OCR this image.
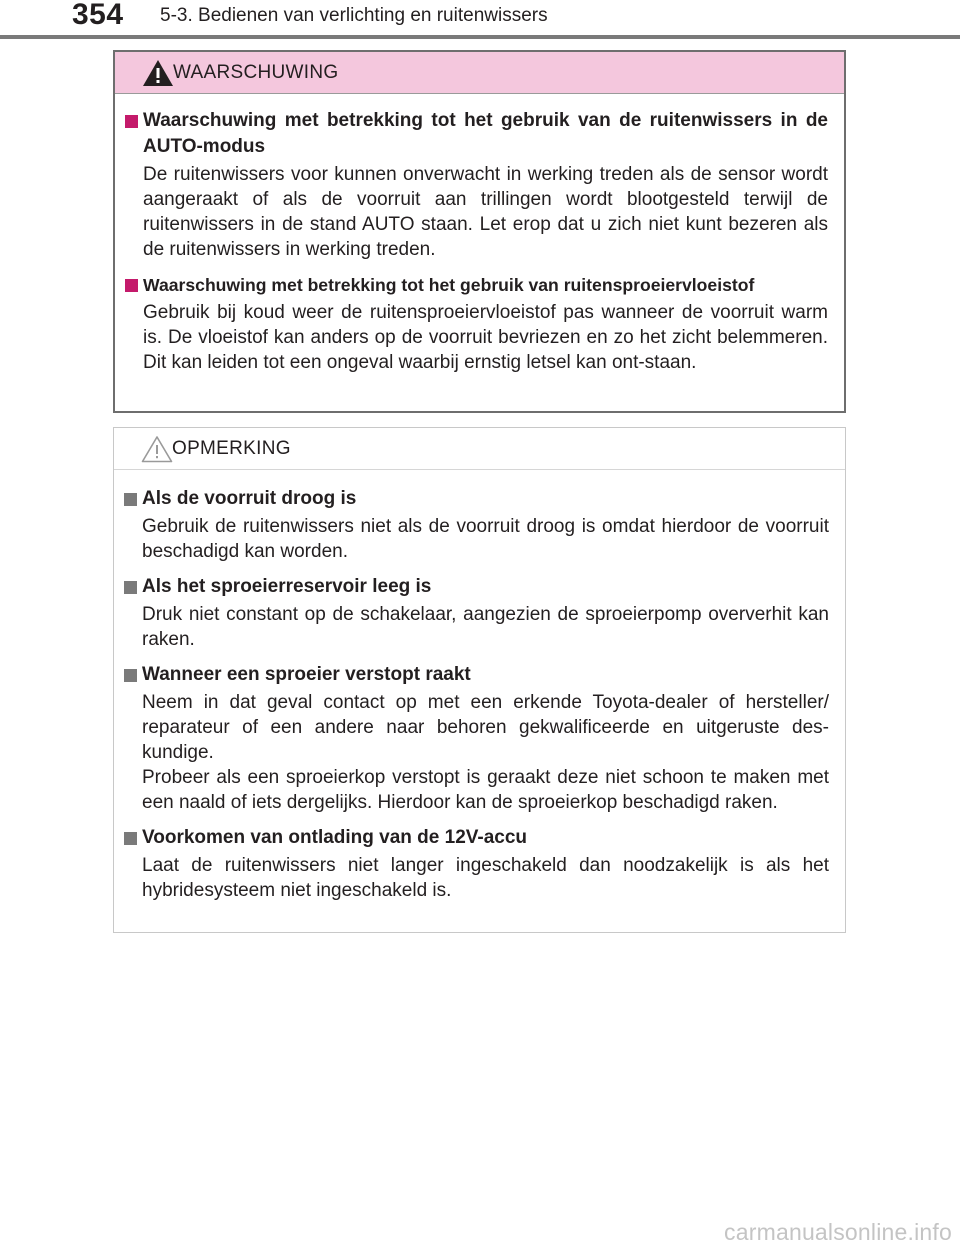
354 5-3. Bedienen van verlichting en ruitenwissers
WAARSCHUWING
Waarschuwing met betrekking tot het gebruik van de ruitenwissers in de AUTO-modus

De ruitenwissers voor kunnen onverwacht in werking treden als de sensor wordt aangeraakt of als de voorruit aan trillingen wordt blootgesteld terwijl de ruitenwissers in de stand AUTO staan. Let erop dat u zich niet kunt bezeren als de ruitenwissers in werking treden.

Waarschuwing met betrekking tot het gebruik van ruitensproeiervloeistof

Gebruik bij koud weer de ruitensproeiervloeistof pas wanneer de voorruit warm is. De vloeistof kan anders op de voorruit bevriezen en zo het zicht belemmeren. Dit kan leiden tot een ongeval waarbij ernstig letsel kan ont-staan.

OPMERKING
Als de voorruit droog is

Gebruik de ruitenwissers niet als de voorruit droog is omdat hierdoor de voorruit beschadigd kan worden.

Als het sproeierreservoir leeg is

Druk niet constant op de schakelaar, aangezien de sproeierpomp oververhit kan raken.

Wanneer een sproeier verstopt raakt

Neem in dat geval contact op met een erkende Toyota-dealer of hersteller/ reparateur of een andere naar behoren gekwalificeerde en uitgeruste des-kundige.

Probeer als een sproeierkop verstopt is geraakt deze niet schoon te maken met een naald of iets dergelijks. Hierdoor kan de sproeierkop beschadigd raken.

Voorkomen van ontlading van de 12V-accu

Laat de ruitenwissers niet langer ingeschakeld dan noodzakelijk is als het hybridesysteem niet ingeschakeld is.

carmanualsonline.info
